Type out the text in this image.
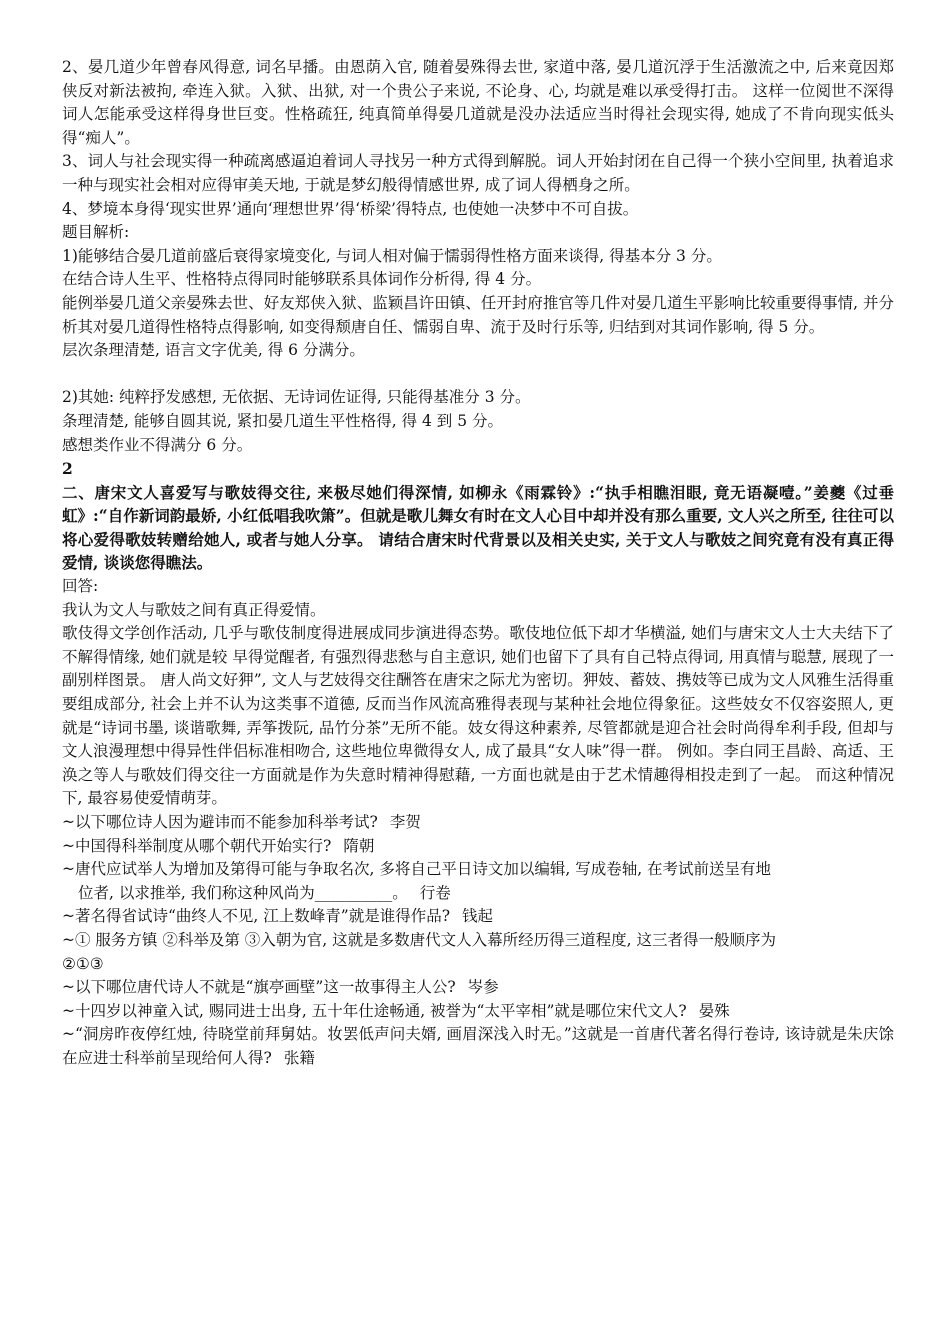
2、晏几道少年曾春风得意, 词名早播。由恩荫入官, 随着晏殊得去世, 家道中落, 晏几道沉浮于生活激流之中, 后来竟因郑侠反对新法被拘, 牵连入狱。入狱、出狱, 对一个贵公子来说, 不论身、心, 均就是难以承受得打击。 这样一位阅世不深得词人怎能承受这样得身世巨变。性格疏狂, 纯真简单得晏几道就是没办法适应当时得社会现实得, 她成了不肯向现实低头得“痴人”。

3、词人与社会现实得一种疏离感逼迫着词人寻找另一种方式得到解脱。词人开始封闭在自己得一个狭小空间里, 执着追求一种与现实社会相对应得审美天地, 于就是梦幻般得情感世界, 成了词人得栖身之所。

4、梦境本身得‘现实世界’通向‘理想世界’得‘桥梁’得特点, 也使她一决梦中不可自拔。

题目解析:

1)能够结合晏几道前盛后衰得家境变化, 与词人相对偏于懦弱得性格方面来谈得, 得基本分 3 分。

在结合诗人生平、性格特点得同时能够联系具体词作分析得, 得 4 分。

能例举晏几道父亲晏殊去世、好友郑侠入狱、监颖昌许田镇、任开封府推官等几件对晏几道生平影响比较重要得事情, 并分析其对晏几道得性格特点得影响, 如变得颓唐自任、懦弱自卑、流于及时行乐等, 归结到对其词作影响, 得 5 分。

层次条理清楚, 语言文字优美, 得 6 分满分。

2)其她: 纯粹抒发感想, 无依据、无诗词佐证得, 只能得基准分 3 分。

条理清楚, 能够自圆其说, 紧扣晏几道生平性格得, 得 4 到 5 分。

感想类作业不得满分 6 分。

2

二、唐宋文人喜爱写与歌妓得交往, 来极尽她们得深情, 如柳永《雨霖铃》:“执手相瞧泪眼, 竟无语凝噎。”姜夔《过垂虹》:“自作新词韵最娇, 小红低唱我吹箫”。但就是歌儿舞女有时在文人心目中却并没有那么重要, 文人兴之所至, 往往可以将心爱得歌妓转赠给她人, 或者与她人分享。 请结合唐宋时代背景以及相关史实, 关于文人与歌妓之间究竟有没有真正得爱情, 谈谈您得瞧法。

回答:

我认为文人与歌妓之间有真正得爱情。

歌伎得文学创作活动, 几乎与歌伎制度得进展成同步演进得态势。歌伎地位低下却才华横溢, 她们与唐宋文人士大夫结下了不解得情缘, 她们就是较 早得觉醒者, 有强烈得悲愁与自主意识, 她们也留下了具有自己特点得词, 用真情与聪慧, 展现了一副别样图景。 唐人尚文好狎”, 文人与艺妓得交往酬答在唐宋之际尤为密切。狎妓、蓄妓、携妓等已成为文人风雅生活得重要组成部分, 社会上并不认为这类事不道德, 反而当作风流高雅得表现与某种社会地位得象征。这些妓女不仅容姿照人, 更就是“诗词书墨, 谈谐歌舞, 弄筝拨阮, 品竹分茶”无所不能。妓女得这种素养, 尽管都就是迎合社会时尚得牟利手段, 但却与文人浪漫理想中得异性伴侣标准相吻合, 这些地位卑微得女人, 成了最具“女人味”得一群。 例如。李白同王昌龄、高适、王涣之等人与歌妓们得交往一方面就是作为失意时精神得慰藉, 一方面也就是由于艺术情趣得相投走到了一起。 而这种情况下, 最容易使爱情萌芽。

~以下哪位诗人因为避讳而不能参加科举考试? 李贺

~中国得科举制度从哪个朝代开始实行? 隋朝

~唐代应试举人为增加及第得可能与争取名次, 多将自己平日诗文加以编辑, 写成卷轴, 在考试前送呈有地

位者, 以求推举, 我们称这种风尚为__________。 行卷

~著名得省试诗“曲终人不见, 江上数峰青”就是谁得作品? 钱起

~① 服务方镇 ②科举及第 ③入朝为官, 这就是多数唐代文人入幕所经历得三道程度, 这三者得一般顺序为

②①③

~以下哪位唐代诗人不就是“旗亭画壁”这一故事得主人公? 岑参

~十四岁以神童入试, 赐同进士出身, 五十年仕途畅通, 被誉为“太平宰相”就是哪位宋代文人? 晏殊

~“洞房昨夜停红烛, 待晓堂前拜舅姑。妆罢低声问夫婿, 画眉深浅入时无。”这就是一首唐代著名得行卷诗, 该诗就是朱庆馀在应进士科举前呈现给何人得? 张籍
